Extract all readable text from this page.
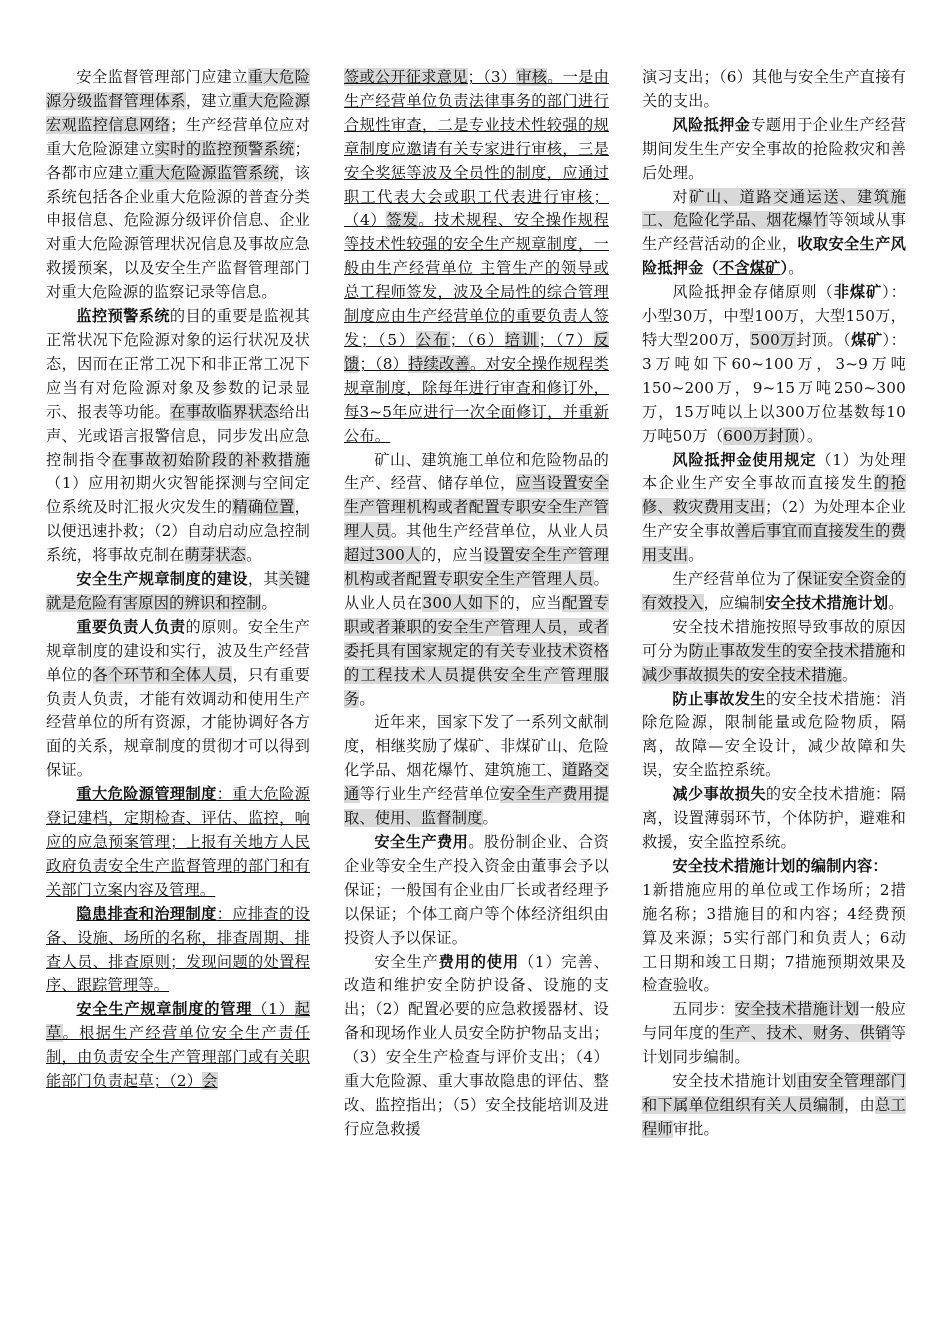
安全监督管理部门应建立重大危险源分级监督管理体系，建立重大危险源宏观监控信息网络；生产经营单位应对重大危险源建立实时的监控预警系统；各都市应建立重大危险源监管系统，该系统包括各企业重大危险源的普查分类申报信息、危险源分级评价信息、企业对重大危险源管理状况信息及事故应急救援预案，以及安全生产监督管理部门对重大危险源的监察记录等信息。

监控预警系统的目的重要是监视其正常状况下危险源对象的运行状况及状态，因而在正常工况下和非正常工况下应当有对危险源对象及参数的记录显示、报表等功能。在事故临界状态给出声、光或语言报警信息，同步发出应急控制指令在事故初始阶段的补救措施（1）应用初期火灾智能探测与空间定位系统及时汇报火灾发生的精确位置，以便迅速扑救；（2）自动启动应急控制系统，将事故克制在萌芽状态。

安全生产规章制度的建设，其关键就是危险有害原因的辨识和控制。

重要负责人负责的原则。安全生产规章制度的建设和实行，波及生产经营单位的各个环节和全体人员，只有重要负责人负责，才能有效调动和使用生产经营单位的所有资源，才能协调好各方面的关系，规章制度的贯彻才可以得到保证。

重大危险源管理制度：重大危险源登记建档，定期检查、评估、监控，响应的应急预案管理；上报有关地方人民政府负责安全生产监督管理的部门和有关部门立案内容及管理。

隐患排查和治理制度：应排查的设备、设施、场所的名称，排查周期、排查人员、排查原则；发现问题的处置程序、跟踪管理等。

安全生产规章制度的管理（1）起草。根据生产经营单位安全生产责任制，由负责安全生产管理部门或有关职能部门负责起草；（2）会

签或公开征求意见；（3）审核。一是由生产经营单位负责法律事务的部门进行合规性审查，二是专业技术性较强的规章制度应邀请有关专家进行审核，三是安全奖惩等波及全员性的制度，应通过职工代表大会或职工代表进行审核；（4）签发。技术规程、安全操作规程等技术性较强的安全生产规章制度，一般由生产经营单位 主管生产的领导或总工程师签发，波及全局性的综合管理制度应由生产经营单位的重要负责人签发；（5）公布；（6）培训；（7）反馈；（8）持续改善。对安全操作规程类规章制度，除每年进行审查和修订外，每3~5年应进行一次全面修订，并重新公布。

矿山、建筑施工单位和危险物品的生产、经营、储存单位，应当设置安全生产管理机构或者配置专职安全生产管理人员。其他生产经营单位，从业人员超过300人的，应当设置安全生产管理机构或者配置专职安全生产管理人员。从业人员在300人如下的，应当配置专职或者兼职的安全生产管理人员，或者委托具有国家规定的有关专业技术资格的工程技术人员提供安全生产管理服务。

近年来，国家下发了一系列文献制度，相继奖励了煤矿、非煤矿山、危险化学品、烟花爆竹、建筑施工、道路交通等行业生产经营单位安全生产费用提取、使用、监督制度。

安全生产费用。股份制企业、合资企业等安全生产投入资金由董事会予以保证；一般国有企业由厂长或者经理予以保证；个体工商户等个体经济组织由投资人予以保证。

安全生产费用的使用（1）完善、改造和维护安全防护设备、设施的支出；（2）配置必要的应急救援器材、设备和现场作业人员安全防护物品支出；（3）安全生产检查与评价支出；（4）重大危险源、重大事故隐患的评估、整改、监控指出；（5）安全技能培训及进行应急救援

演习支出；（6）其他与安全生产直接有关的支出。

风险抵押金专题用于企业生产经营期间发生生产安全事故的抢险救灾和善后处理。

对矿山、道路交通运送、建筑施工、危险化学品、烟花爆竹等领域从事生产经营活动的企业，收取安全生产风险抵押金（不含煤矿）。

风险抵押金存储原则（非煤矿）：小型30万，中型100万，大型150万，特大型200万，500万封顶。（煤矿）：3万吨如下60~100万，3~9万吨150~200万，9~15万吨250~300万，15万吨以上以300万位基数每10万吨50万（600万封顶）。

风险抵押金使用规定（1）为处理本企业生产安全事故而直接发生的抢修、救灾费用支出；（2）为处理本企业生产安全事故善后事宜而直接发生的费用支出。

生产经营单位为了保证安全资金的有效投入，应编制安全技术措施计划。

安全技术措施按照导致事故的原因可分为防止事故发生的安全技术措施和减少事故损失的安全技术措施。

防止事故发生的安全技术措施：消除危险源，限制能量或危险物质，隔离，故障—安全设计，减少故障和失误，安全监控系统。

减少事故损失的安全技术措施：隔离，设置薄弱环节，个体防护，避难和救援，安全监控系统。

安全技术措施计划的编制内容：

1新措施应用的单位或工作场所；2措施名称；3措施目的和内容；4经费预算及来源；5实行部门和负责人；6动工日期和竣工日期；7措施预期效果及检查验收。

五同步：安全技术措施计划一般应与同年度的生产、技术、财务、供销等计划同步编制。

安全技术措施计划由安全管理部门和下属单位组织有关人员编制，由总工程师审批。
